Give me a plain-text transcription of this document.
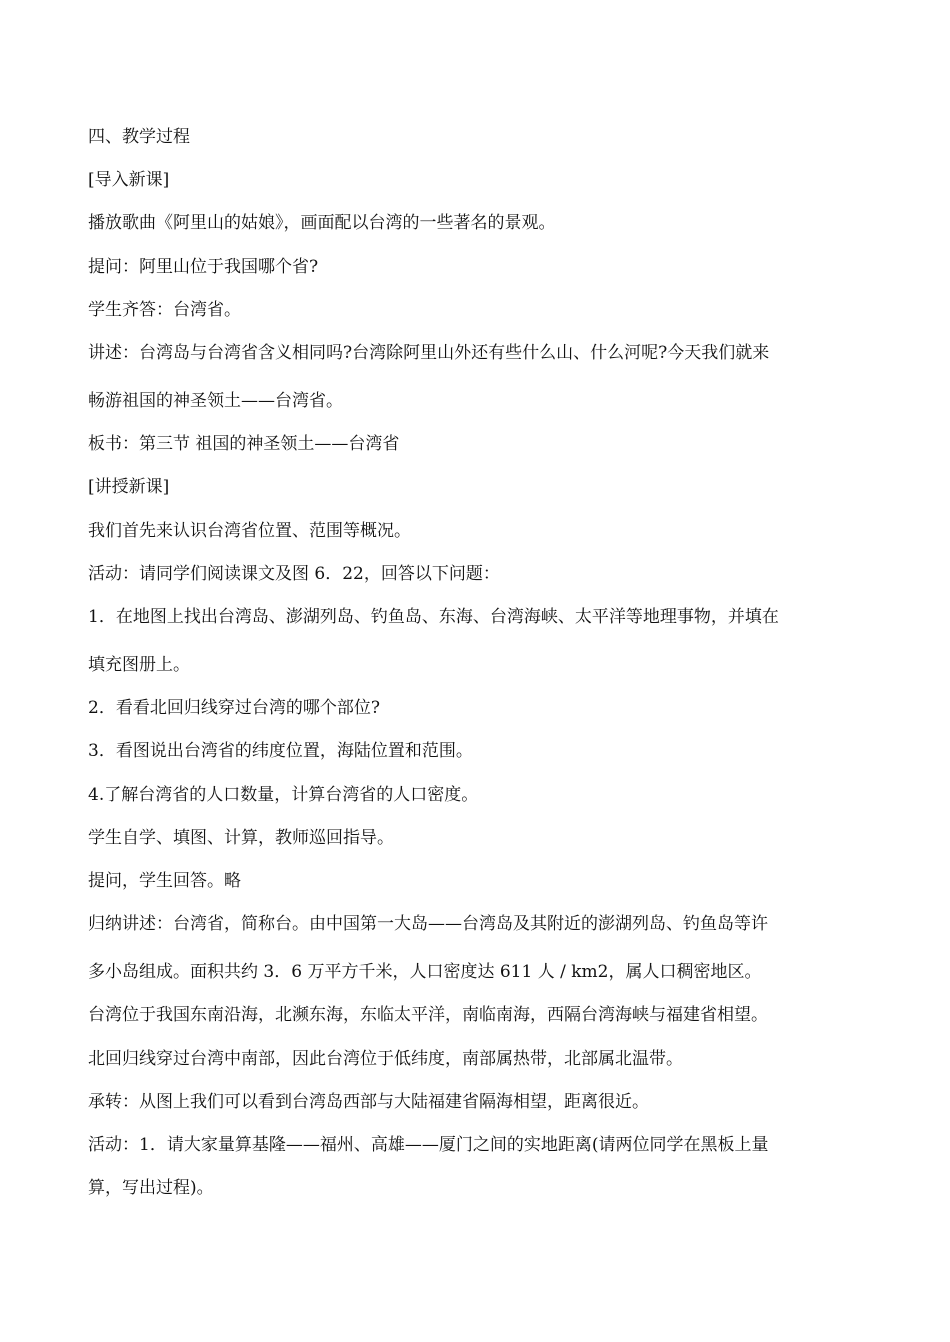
四、教学过程
[导入新课]
播放歌曲《阿里山的姑娘》，画面配以台湾的一些著名的景观。
提问：阿里山位于我国哪个省?
学生齐答：台湾省。
讲述：台湾岛与台湾省含义相同吗?台湾除阿里山外还有些什么山、什么河呢?今天我们就来
畅游祖国的神圣领土——台湾省。
板书：第三节 祖国的神圣领土——台湾省
[讲授新课]
我们首先来认识台湾省位置、范围等概况。
活动：请同学们阅读课文及图 6．22，回答以下问题：
1．在地图上找出台湾岛、澎湖列岛、钓鱼岛、东海、台湾海峡、太平洋等地理事物，并填在
填充图册上。
2．看看北回归线穿过台湾的哪个部位?
3．看图说出台湾省的纬度位置，海陆位置和范围。
4.了解台湾省的人口数量，计算台湾省的人口密度。
学生自学、填图、计算，教师巡回指导。
提问，学生回答。略
归纳讲述：台湾省，简称台。由中国第一大岛——台湾岛及其附近的澎湖列岛、钓鱼岛等许
多小岛组成。面积共约 3．6 万平方千米，人口密度达 611 人 / km2，属人口稠密地区。
台湾位于我国东南沿海，北濒东海，东临太平洋，南临南海，西隔台湾海峡与福建省相望。
北回归线穿过台湾中南部，因此台湾位于低纬度，南部属热带，北部属北温带。
承转：从图上我们可以看到台湾岛西部与大陆福建省隔海相望，距离很近。
活动：1．请大家量算基隆——福州、高雄——厦门之间的实地距离(请两位同学在黑板上量
算，写出过程)。
